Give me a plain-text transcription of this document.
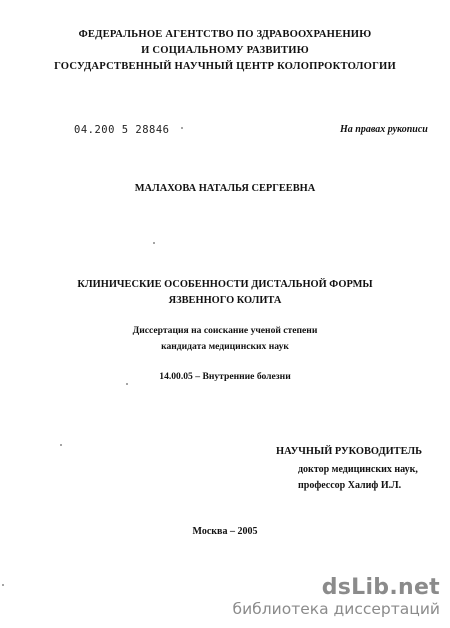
ФЕДЕРАЛЬНОЕ АГЕНТСТВО ПО ЗДРАВООХРАНЕНИЮ
И СОЦИАЛЬНОМУ РАЗВИТИЮ
ГОСУДАРСТВЕННЫЙ НАУЧНЫЙ ЦЕНТР КОЛОПРОКТОЛОГИИ
04.200 5 28846	На правах рукописи
МАЛАХОВА НАТАЛЬЯ СЕРГЕЕВНА
КЛИНИЧЕСКИЕ ОСОБЕННОСТИ ДИСТАЛЬНОЙ ФОРМЫ
ЯЗВЕННОГО КОЛИТА
Диссертация на соискание ученой степени
кандидата медицинских наук
14.00.05 – Внутренние болезни
НАУЧНЫЙ РУКОВОДИТЕЛЬ
доктор медицинских наук,
профессор Халиф И.Л.
Москва – 2005
dsLib.net
библиотека диссертаций
